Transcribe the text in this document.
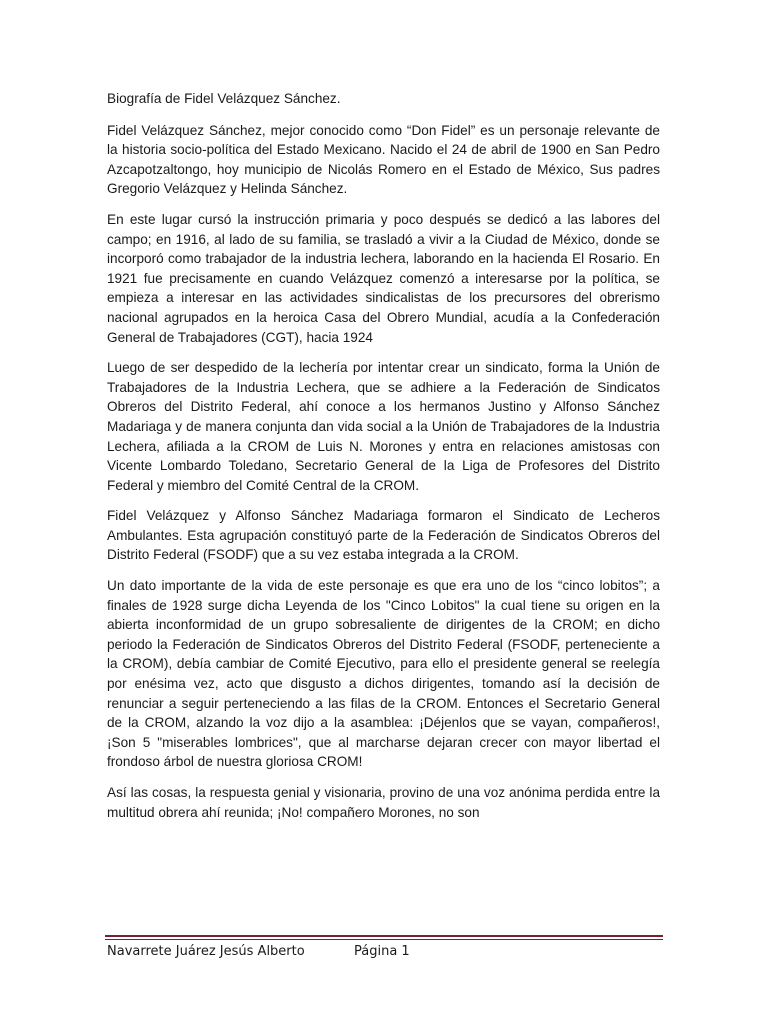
Biografía de Fidel Velázquez Sánchez.

Fidel Velázquez Sánchez, mejor conocido como “Don Fidel” es un personaje relevante de la historia socio-política del Estado Mexicano. Nacido el 24 de abril de 1900 en San Pedro Azcapotzaltongo, hoy municipio de Nicolás Romero en el Estado de México, Sus padres Gregorio Velázquez y Helinda Sánchez.

En este lugar cursó la instrucción primaria y poco después se dedicó a las labores del campo; en 1916, al lado de su familia, se trasladó a vivir a la Ciudad de México, donde se incorporó como trabajador de la industria lechera, laborando en la hacienda El Rosario. En 1921 fue precisamente en cuando Velázquez comenzó a interesarse por la política, se empieza a interesar en las actividades sindicalistas de los precursores del obrerismo nacional agrupados en la heroica Casa del Obrero Mundial, acudía a la Confederación General de Trabajadores (CGT), hacia 1924

Luego de ser despedido de la lechería por intentar crear un sindicato, forma la Unión de Trabajadores de la Industria Lechera, que se adhiere a la Federación de Sindicatos Obreros del Distrito Federal, ahí conoce a los hermanos Justino y Alfonso Sánchez Madariaga y de manera conjunta dan vida social a la Unión de Trabajadores de la Industria Lechera, afiliada a la CROM de Luis N. Morones y entra en relaciones amistosas con Vicente Lombardo Toledano, Secretario General de la Liga de Profesores del Distrito Federal y miembro del Comité Central de la CROM.

Fidel Velázquez y Alfonso Sánchez Madariaga formaron el Sindicato de Lecheros Ambulantes. Esta agrupación constituyó parte de la Federación de Sindicatos Obreros del Distrito Federal (FSODF) que a su vez estaba integrada a la CROM.

Un dato importante de la vida de este personaje es que era uno de los “cinco lobitos”; a finales de 1928 surge dicha Leyenda de los "Cinco Lobitos" la cual tiene su origen en la abierta inconformidad de un grupo sobresaliente de dirigentes de la CROM; en dicho periodo la Federación de Sindicatos Obreros del Distrito Federal (FSODF, perteneciente a la CROM), debía cambiar de Comité Ejecutivo, para ello el presidente general se reelegía por enésima vez, acto que disgusto a dichos dirigentes, tomando así la decisión de renunciar a seguir perteneciendo a las filas de la CROM. Entonces el Secretario General de la CROM, alzando la voz dijo a la asamblea: ¡Déjenlos que se vayan, compañeros!, ¡Son 5 "miserables lombrices", que al marcharse dejaran crecer con mayor libertad el frondoso árbol de nuestra gloriosa CROM!

Así las cosas, la respuesta genial y visionaria, provino de una voz anónima perdida entre la multitud obrera ahí reunida; ¡No! compañero Morones, no son

Navarrete Juárez Jesús Alberto	Página 1
